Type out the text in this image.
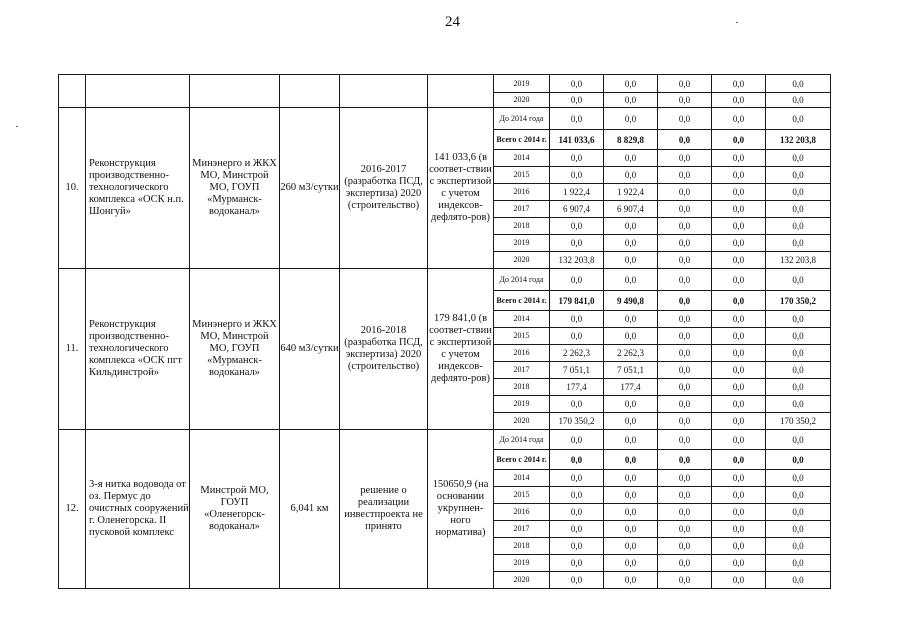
24
						2019	0,0	0,0	0,0	0,0	0,0
						2020	0,0	0,0	0,0	0,0	0,0
10.	Реконструкция производственно-технологического комплекса «ОСК н.п. Шонгуй»	Минэнерго и ЖКХ МО, Минстрой МО, ГОУП «Мурманск-водоканал»	260 м3/сутки	2016-2017 (разработка ПСД, экспертиза) 2020 (строительство)	141 033,6 (в соответ-ствии с экспертизой с учетом индексов-дефлято-ров)	До 2014 года	0,0	0,0	0,0	0,0	0,0
						Всего с 2014 г.	141 033,6	8 829,8	0,0	0,0	132 203,8
						2014	0,0	0,0	0,0	0,0	0,0
						2015	0,0	0,0	0,0	0,0	0,0
						2016	1 922,4	1 922,4	0,0	0,0	0,0
						2017	6 907,4	6 907,4	0,0	0,0	0,0
						2018	0,0	0,0	0,0	0,0	0,0
						2019	0,0	0,0	0,0	0,0	0,0
						2020	132 203,8	0,0	0,0	0,0	132 203,8
11.	Реконструкция производственно-технологического комплекса «ОСК пгт Кильдинстрой»	Минэнерго и ЖКХ МО, Минстрой МО, ГОУП «Мурманск-водоканал»	640 м3/сутки	2016-2018 (разработка ПСД, экспертиза) 2020 (строительство)	179 841,0 (в соответ-ствии с экспертизой с учетом индексов-дефлято-ров)	До 2014 года	0,0	0,0	0,0	0,0	0,0
						Всего с 2014 г.	179 841,0	9 490,8	0,0	0,0	170 350,2
						2014	0,0	0,0	0,0	0,0	0,0
						2015	0,0	0,0	0,0	0,0	0,0
						2016	2 262,3	2 262,3	0,0	0,0	0,0
						2017	7 051,1	7 051,1	0,0	0,0	0,0
						2018	177,4	177,4	0,0	0,0	0,0
						2019	0,0	0,0	0,0	0,0	0,0
						2020	170 350,2	0,0	0,0	0,0	170 350,2
12.	3-я нитка водовода от оз. Пермус до очистных сооружений г. Оленегорска. II пусковой комплекс	Минстрой МО, ГОУП «Оленегорск-водоканал»	6,041 км	решение о реализации инвестпроекта не принято	150650,9 (на основании укрупнен-ного норматива)	До 2014 года	0,0	0,0	0,0	0,0	0,0
						Всего с 2014 г.	0,0	0,0	0,0	0,0	0,0
						2014	0,0	0,0	0,0	0,0	0,0
						2015	0,0	0,0	0,0	0,0	0,0
						2016	0,0	0,0	0,0	0,0	0,0
						2017	0,0	0,0	0,0	0,0	0,0
						2018	0,0	0,0	0,0	0,0	0,0
						2019	0,0	0,0	0,0	0,0	0,0
						2020	0,0	0,0	0,0	0,0	0,0
